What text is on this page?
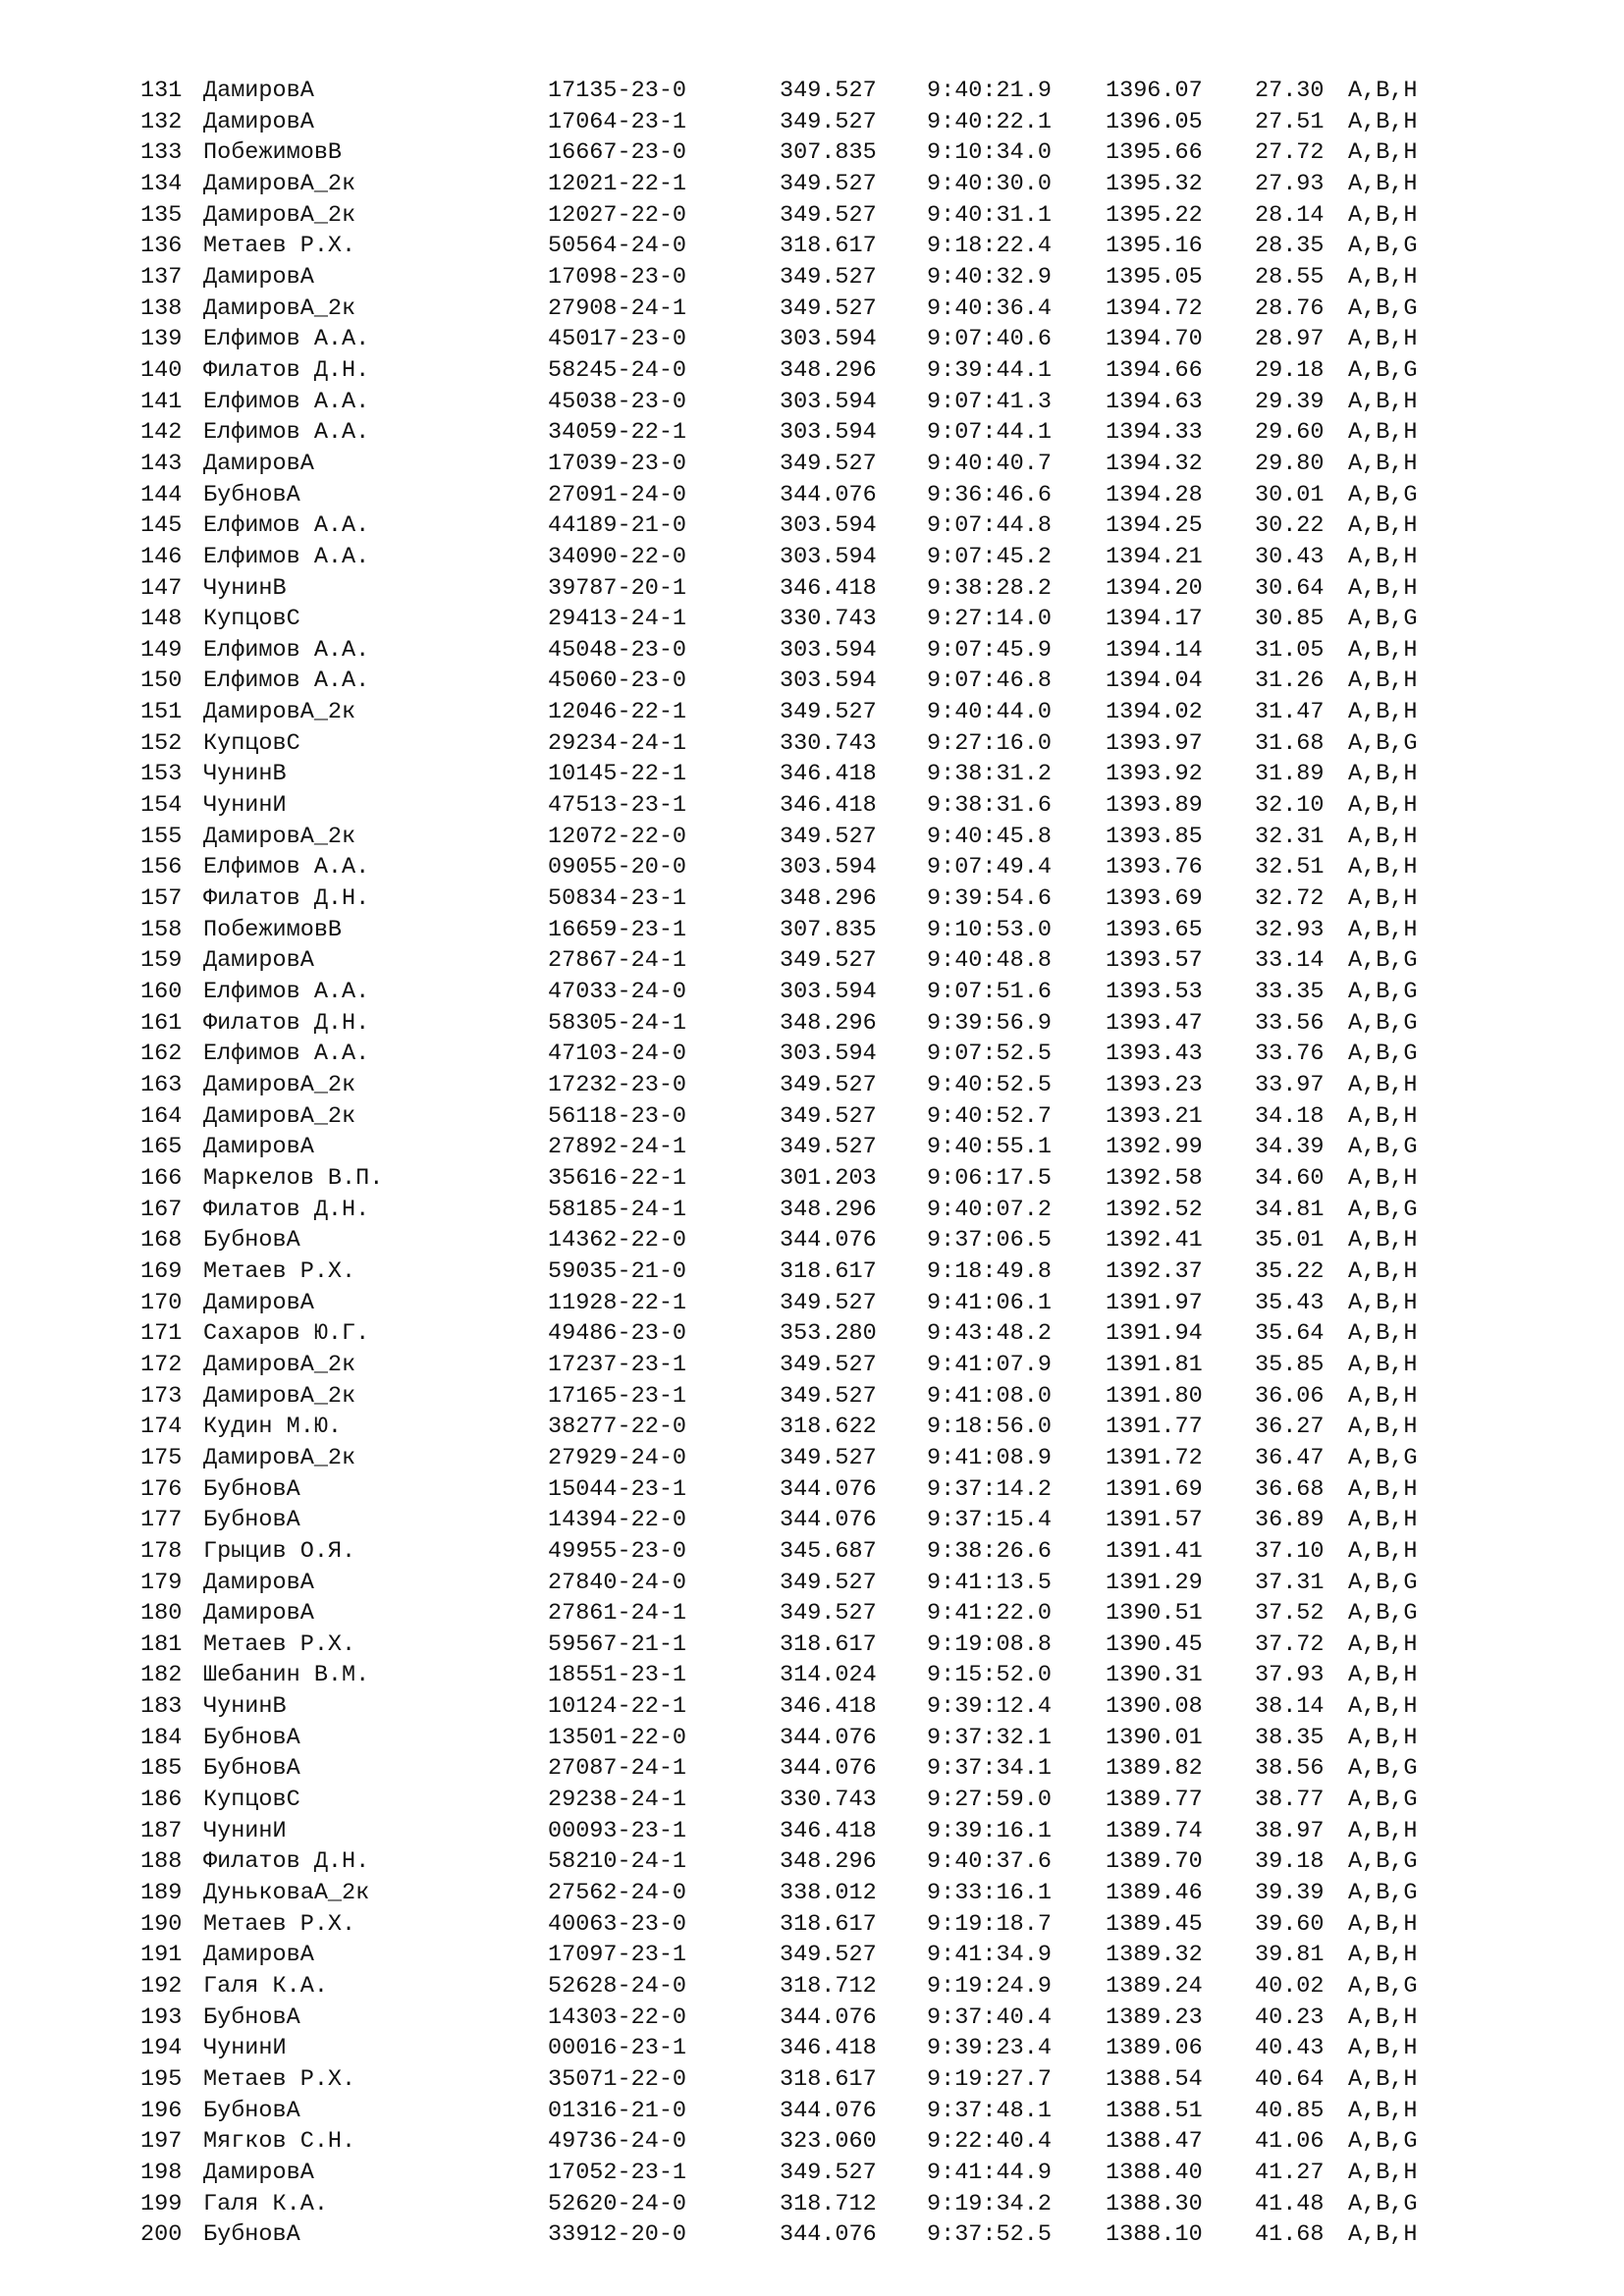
131 ДамировА	17135-23-0	349.527 9:40:21.9 1396.07 27.30 A,B,H
132 ДамировА	17064-23-1	349.527 9:40:22.1 1396.05 27.51 A,B,H
133 ПобежимовВ	16667-23-0	307.835 9:10:34.0 1395.66 27.72 A,B,H
134 ДамировА_2к	12021-22-1	349.527 9:40:30.0 1395.32 27.93 A,B,H
135 ДамировА_2к	12027-22-0	349.527 9:40:31.1 1395.22 28.14 A,B,H
136 Метаев Р.Х.	50564-24-0	318.617 9:18:22.4 1395.16 28.35 A,B,G
137 ДамировА	17098-23-0	349.527 9:40:32.9 1395.05 28.55 A,B,H
138 ДамировА_2к	27908-24-1	349.527 9:40:36.4 1394.72 28.76 A,B,G
139 Елфимов А.А.	45017-23-0	303.594 9:07:40.6 1394.70 28.97 A,B,H
140 Филатов Д.Н.	58245-24-0	348.296 9:39:44.1 1394.66 29.18 A,B,G
141 Елфимов А.А.	45038-23-0	303.594 9:07:41.3 1394.63 29.39 A,B,H
142 Елфимов А.А.	34059-22-1	303.594 9:07:44.1 1394.33 29.60 A,B,H
143 ДамировА	17039-23-0	349.527 9:40:40.7 1394.32 29.80 A,B,H
144 БубновА	27091-24-0	344.076 9:36:46.6 1394.28 30.01 A,B,G
145 Елфимов А.А.	44189-21-0	303.594 9:07:44.8 1394.25 30.22 A,B,H
146 Елфимов А.А.	34090-22-0	303.594 9:07:45.2 1394.21 30.43 A,B,H
147 ЧунинВ	39787-20-1	346.418 9:38:28.2 1394.20 30.64 A,B,H
148 КупцовС	29413-24-1	330.743 9:27:14.0 1394.17 30.85 A,B,G
149 Елфимов А.А.	45048-23-0	303.594 9:07:45.9 1394.14 31.05 A,B,H
150 Елфимов А.А.	45060-23-0	303.594 9:07:46.8 1394.04 31.26 A,B,H
151 ДамировА_2к	12046-22-1	349.527 9:40:44.0 1394.02 31.47 A,B,H
152 КупцовС	29234-24-1	330.743 9:27:16.0 1393.97 31.68 A,B,G
153 ЧунинВ	10145-22-1	346.418 9:38:31.2 1393.92 31.89 A,B,H
154 ЧунинИ	47513-23-1	346.418 9:38:31.6 1393.89 32.10 A,B,H
155 ДамировА_2к	12072-22-0	349.527 9:40:45.8 1393.85 32.31 A,B,H
156 Елфимов А.А.	09055-20-0	303.594 9:07:49.4 1393.76 32.51 A,B,H
157 Филатов Д.Н.	50834-23-1	348.296 9:39:54.6 1393.69 32.72 A,B,H
158 ПобежимовВ	16659-23-1	307.835 9:10:53.0 1393.65 32.93 A,B,H
159 ДамировА	27867-24-1	349.527 9:40:48.8 1393.57 33.14 A,B,G
160 Елфимов А.А.	47033-24-0	303.594 9:07:51.6 1393.53 33.35 A,B,G
161 Филатов Д.Н.	58305-24-1	348.296 9:39:56.9 1393.47 33.56 A,B,G
162 Елфимов А.А.	47103-24-0	303.594 9:07:52.5 1393.43 33.76 A,B,G
163 ДамировА_2к	17232-23-0	349.527 9:40:52.5 1393.23 33.97 A,B,H
164 ДамировА_2к	56118-23-0	349.527 9:40:52.7 1393.21 34.18 A,B,H
165 ДамировА	27892-24-1	349.527 9:40:55.1 1392.99 34.39 A,B,G
166 Маркелов В.П.	35616-22-1	301.203 9:06:17.5 1392.58 34.60 A,B,H
167 Филатов Д.Н.	58185-24-1	348.296 9:40:07.2 1392.52 34.81 A,B,G
168 БубновА	14362-22-0	344.076 9:37:06.5 1392.41 35.01 A,B,H
169 Метаев Р.Х.	59035-21-0	318.617 9:18:49.8 1392.37 35.22 A,B,H
170 ДамировА	11928-22-1	349.527 9:41:06.1 1391.97 35.43 A,B,H
171 Сахаров Ю.Г.	49486-23-0	353.280 9:43:48.2 1391.94 35.64 A,B,H
172 ДамировА_2к	17237-23-1	349.527 9:41:07.9 1391.81 35.85 A,B,H
173 ДамировА_2к	17165-23-1	349.527 9:41:08.0 1391.80 36.06 A,B,H
174 Кудин М.Ю.	38277-22-0	318.622 9:18:56.0 1391.77 36.27 A,B,H
175 ДамировА_2к	27929-24-0	349.527 9:41:08.9 1391.72 36.47 A,B,G
176 БубновА	15044-23-1	344.076 9:37:14.2 1391.69 36.68 A,B,H
177 БубновА	14394-22-0	344.076 9:37:15.4 1391.57 36.89 A,B,H
178 Грыцив О.Я.	49955-23-0	345.687 9:38:26.6 1391.41 37.10 A,B,H
179 ДамировА	27840-24-0	349.527 9:41:13.5 1391.29 37.31 A,B,G
180 ДамировА	27861-24-1	349.527 9:41:22.0 1390.51 37.52 A,B,G
181 Метаев Р.Х.	59567-21-1	318.617 9:19:08.8 1390.45 37.72 A,B,H
182 Шебанин В.М.	18551-23-1	314.024 9:15:52.0 1390.31 37.93 A,B,H
183 ЧунинВ	10124-22-1	346.418 9:39:12.4 1390.08 38.14 A,B,H
184 БубновА	13501-22-0	344.076 9:37:32.1 1390.01 38.35 A,B,H
185 БубновА	27087-24-1	344.076 9:37:34.1 1389.82 38.56 A,B,G
186 КупцовС	29238-24-1	330.743 9:27:59.0 1389.77 38.77 A,B,G
187 ЧунинИ	00093-23-1	346.418 9:39:16.1 1389.74 38.97 A,B,H
188 Филатов Д.Н.	58210-24-1	348.296 9:40:37.6 1389.70 39.18 A,B,G
189 ДуньковаА_2к	27562-24-0	338.012 9:33:16.1 1389.46 39.39 A,B,G
190 Метаев Р.Х.	40063-23-0	318.617 9:19:18.7 1389.45 39.60 A,B,H
191 ДамировА	17097-23-1	349.527 9:41:34.9 1389.32 39.81 A,B,H
192 Галя К.А.	52628-24-0	318.712 9:19:24.9 1389.24 40.02 A,B,G
193 БубновА	14303-22-0	344.076 9:37:40.4 1389.23 40.23 A,B,H
194 ЧунинИ	00016-23-1	346.418 9:39:23.4 1389.06 40.43 A,B,H
195 Метаев Р.Х.	35071-22-0	318.617 9:19:27.7 1388.54 40.64 A,B,H
196 БубновА	01316-21-0	344.076 9:37:48.1 1388.51 40.85 A,B,H
197 Мягков С.Н.	49736-24-0	323.060 9:22:40.4 1388.47 41.06 A,B,G
198 ДамировА	17052-23-1	349.527 9:41:44.9 1388.40 41.27 A,B,H
199 Галя К.А.	52620-24-0	318.712 9:19:34.2 1388.30 41.48 A,B,G
200 БубновА	33912-20-0	344.076 9:37:52.5 1388.10 41.68 A,B,H
